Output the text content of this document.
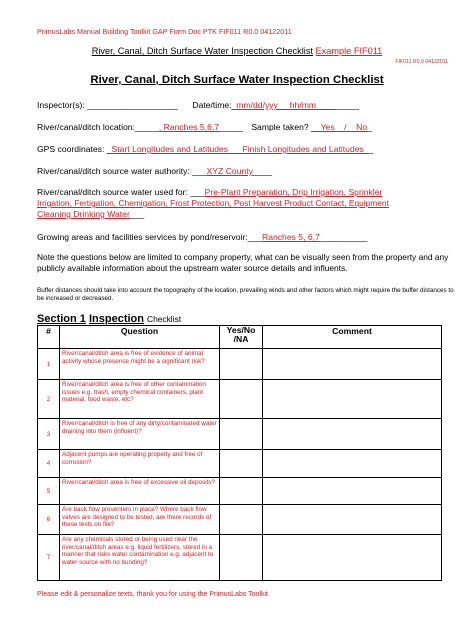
PrimusLabs Manual Building Toolkit GAP Form Doc PTK FIF011 R0.0 04122011
River, Canal, Ditch Surface Water Inspection Checklist Example FIF011
FIF011 R0.0 04122011
River, Canal, Ditch Surface Water Inspection Checklist
Inspector(s): ___________________ Date/time:_mm/dd/yyy_ _hh/mm_________
River/canal/ditch location:_____, Ranches 5,6,7_____ Sample taken? __Yes__/__No_
GPS coordinates: _Start Longitudes and Latitudes___Finish Longitudes and Latitudes__
River/canal/ditch source water authority: ___XYZ County____
River/canal/ditch source water used for: ___Pre-Plant Preparation, Drip Irrigation, Sprinkler
Irrigation, Fertigation, Chemigation, Frost Protection, Post Harvest Product Contact, Equipment
Cleaning Drinking Water___
Growing areas and facilities services by pond/reservoir:___Ranches 5, 6,7__________
Note the questions below are limited to company property, what can be visually seen from the property and any publicly available information about the upstream water source details and influents.
Buffer distances should take into account the topography of the location, prevailing winds and other factors which might require the buffer distances to be increased or decreased.
Section 1 Inspection Checklist
#	Question	Yes/No
/NA	Comment
1	River/canal/ditch area is free of evidence of animal activity whose presence might be a significant risk?		
2	River/canal/ditch area is free of other contamination issues e.g. trash, empty chemical containers, plant material, food waste, etc?		
3	River/canal/ditch is free of any dirty/contaminated water draining into them (influent)?		
4	Adjacent pumps are operating properly and free of corrosion?		
5	River/canal/ditch area is free of excessive oil deposits?		
6	Are back flow preventers in place? Where back flow valves are designed to be tested, are there records of these tests on file?		
7	Are any chemicals stored or being used near the river/canal/ditch areas e.g. liquid fertilizers, stored in a manner that risks water contamination e.g. adjacent to water source with no bunding?		
Please edit & personalize texts, thank you for using the PrimusLabs Toolkit
